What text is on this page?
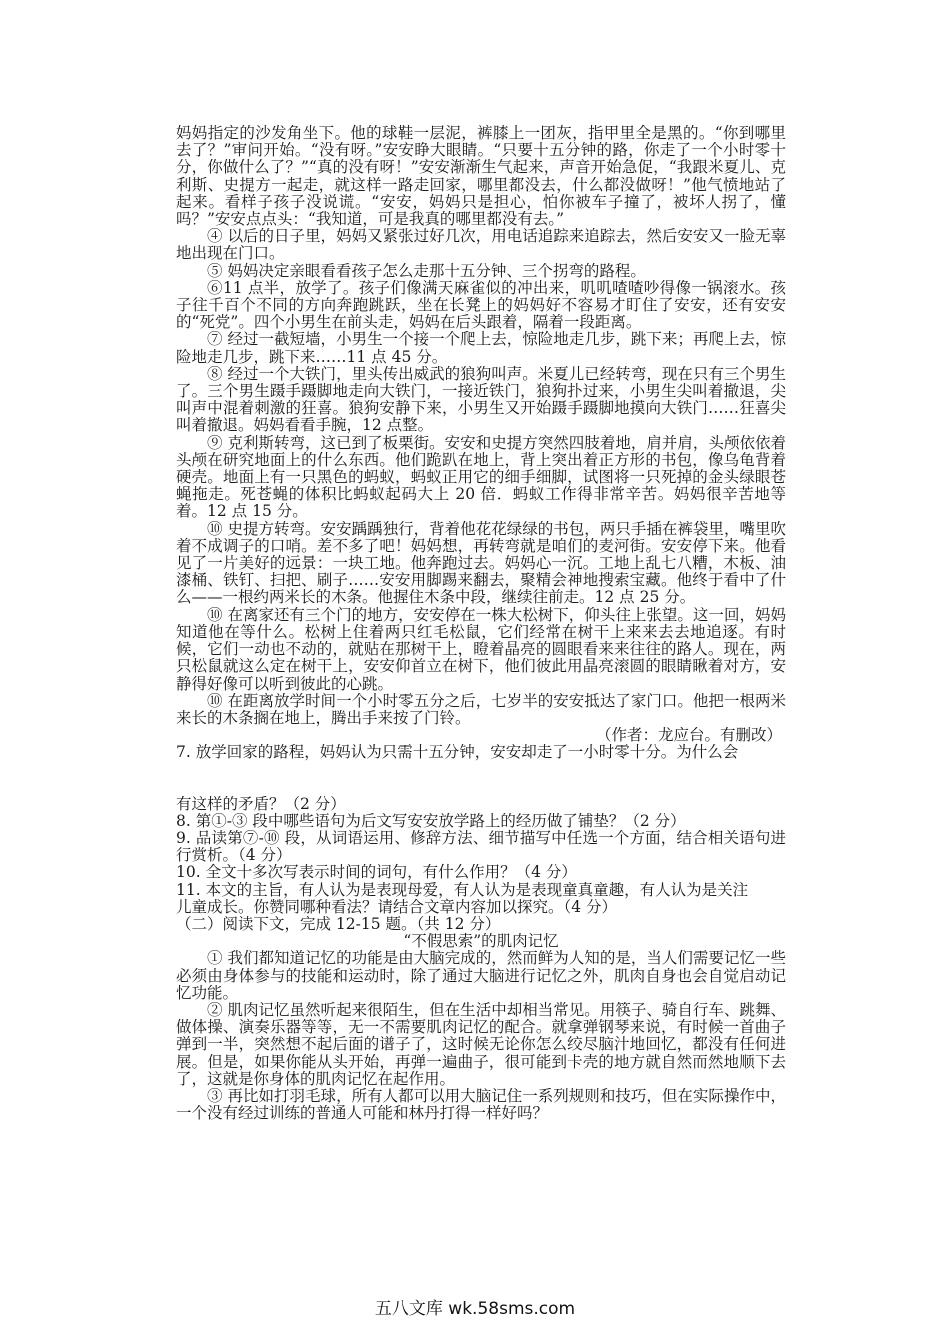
妈妈指定的沙发角坐下。他的球鞋一层泥，裤膝上一团灰，指甲里全是黑的。“你到哪里去了？”审问开始。“没有呀。”安安睁大眼睛。“只要十五分钟的路，你走了一个小时零十分，你做什么了？”“真的没有呀！”安安渐渐生气起来，声音开始急促，“我跟米夏儿、克利斯、史提方一起走，就这样一路走回家，哪里都没去，什么都没做呀！”他气愤地站了起来。看样子孩子没说谎。“安安，妈妈只是担心，怕你被车子撞了，被坏人拐了，懂吗？”安安点点头：“我知道，可是我真的哪里都没有去。”

④ 以后的日子里，妈妈又紧张过好几次，用电话追踪来追踪去，然后安安又一脸无辜地出现在门口。

⑤ 妈妈决定亲眼看看孩子怎么走那十五分钟、三个拐弯的路程。

⑥11 点半，放学了。孩子们像满天麻雀似的冲出来，叽叽喳喳吵得像一锅滚水。孩子往千百个不同的方向奔跑跳跃，坐在长凳上的妈妈好不容易才盯住了安安，还有安安的“死党”。四个小男生在前头走，妈妈在后头跟着，隔着一段距离。

⑦ 经过一截短墙，小男生一个接一个爬上去，惊险地走几步，跳下来；再爬上去，惊险地走几步，跳下来……11 点 45 分。

⑧ 经过一个大铁门，里头传出威武的狼狗叫声。米夏儿已经转弯，现在只有三个男生了。三个男生蹑手蹑脚地走向大铁门，一接近铁门，狼狗扑过来，小男生尖叫着撤退，尖叫声中混着刺激的狂喜。狼狗安静下来，小男生又开始蹑手蹑脚地摸向大铁门……狂喜尖叫着撤退。妈妈看看手腕，12 点整。

⑨ 克利斯转弯，这已到了板栗街。安安和史提方突然四肢着地，肩并肩，头颅依依着头颅在研究地面上的什么东西。他们跪趴在地上，背上突出着正方形的书包，像乌龟背着硬壳。地面上有一只黑色的蚂蚁，蚂蚁正用它的细手细脚，试图将一只死掉的金头绿眼苍蝇拖走。死苍蝇的体积比蚂蚁起码大上 20 倍．蚂蚁工作得非常辛苦。妈妈很辛苦地等着。12 点 15 分。

⑩ 史提方转弯。安安踽踽独行，背着他花花绿绿的书包，两只手插在裤袋里，嘴里吹着不成调子的口哨。差不多了吧！妈妈想，再转弯就是咱们的麦河街。安安停下来。他看见了一片美好的远景：一块工地。他奔跑过去。妈妈心一沉。工地上乱七八糟，木板、油漆桶、铁钉、扫把、刷子……安安用脚踢来翻去，聚精会神地搜索宝藏。他终于看中了什么——一根约两米长的木条。他握住木条中段，继续往前走。12 点 25 分。

⑩ 在离家还有三个门的地方，安安停在一株大松树下，仰头往上张望。这一回，妈妈知道他在等什么。松树上住着两只红毛松鼠，它们经常在树干上来来去去地追逐。有时候，它们一动也不动的，就贴在那树干上，瞪着晶亮的圆眼看来来往往的路人。现在，两只松鼠就这么定在树干上，安安仰首立在树下，他们彼此用晶亮滚圆的眼睛瞅着对方，安静得好像可以听到彼此的心跳。

⑩ 在距离放学时间一个小时零五分之后，七岁半的安安抵达了家门口。他把一根两米来长的木条搁在地上，腾出手来按了门铃。

（作者：龙应台。有删改）

7. 放学回家的路程，妈妈认为只需十五分钟，安安却走了一小时零十分。为什么会

有这样的矛盾？（2 分）

8. 第①-③ 段中哪些语句为后文写安安放学路上的经历做了铺垫？（2 分）

9. 品读第⑦-⑩ 段，从词语运用、修辞方法、细节描写中任选一个方面，结合相关语句进行赏析。（4 分）

10. 全文十多次写表示时间的词句，有什么作用？（4 分）

11. 本文的主旨，有人认为是表现母爱，有人认为是表现童真童趣，有人认为是关注

儿童成长。你赞同哪种看法？请结合文章内容加以探究。（4 分）

（二）阅读下文，完成 12-15 题。（共 12 分）

“不假思索”的肌肉记忆

① 我们都知道记忆的功能是由大脑完成的，然而鲜为人知的是，当人们需要记忆一些必须由身体参与的技能和运动时，除了通过大脑进行记忆之外，肌肉自身也会自觉启动记忆功能。

② 肌肉记忆虽然听起来很陌生，但在生活中却相当常见。用筷子、骑自行车、跳舞、做体操、演奏乐器等等，无一不需要肌肉记忆的配合。就拿弹钢琴来说，有时候一首曲子弹到一半，突然想不起后面的谱子了，这时候无论你怎么绞尽脑汁地回忆，都没有任何进展。但是，如果你能从头开始，再弹一遍曲子，很可能到卡壳的地方就自然而然地顺下去了，这就是你身体的肌肉记忆在起作用。

③ 再比如打羽毛球，所有人都可以用大脑记住一系列规则和技巧，但在实际操作中，一个没有经过训练的普通人可能和林丹打得一样好吗？

五八文库 wk.58sms.com
